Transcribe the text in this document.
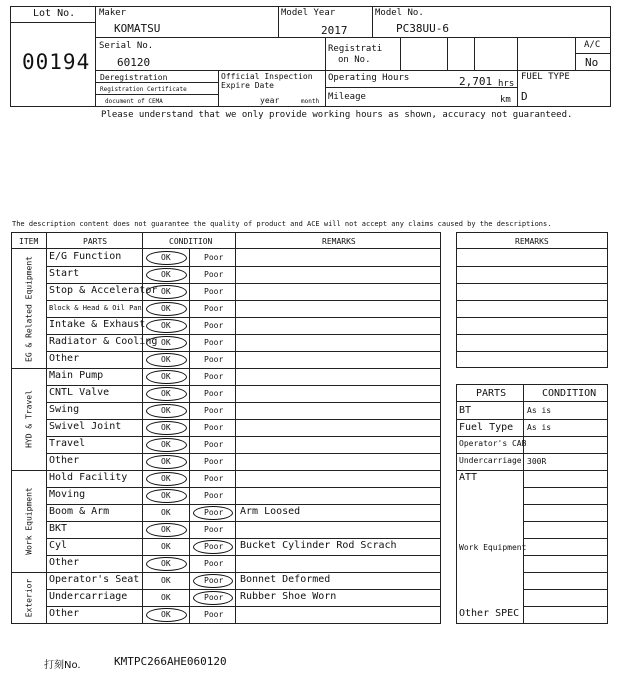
Lot No.
00194
Maker
KOMATSU
Model Year
2017
Model No.
PC38UU-6
Serial No.
60120
Registrati
on No.
A/C
No
Deregistration
Registration Certificate
document of CEMA
Official Inspection
Expire Date
year	month
Operating Hours	2,701 hrs
Mileage	km
FUEL TYPE
D
Please understand that we only provide working hours as shown, accuracy not guaranteed.
The description content does not guarantee the quality of product and ACE will not accept any claims caused by the descriptions.
ITEM	PARTS	CONDITION	REMARKS	REMARKS
E/G Function	OK	Poor
Start	OK	Poor
Stop & Accelerator OK	Poor
Block & Head & Oil Pan OK	Poor
Intake & Exhaust OK	Poor
Radiator & Cooling OK	Poor
Other	OK	Poor
EG & Related Equipment
Main Pump	OK	Poor
CNTL Valve	OK	Poor
Swing	OK	Poor
Swivel Joint	OK	Poor
Travel	OK	Poor
Other	OK	Poor
HYD & Travel
Hold Facility	OK	Poor
Moving	OK	Poor
Boom & Arm	OK	Poor Arm Loosed
BKT	OK	Poor
Cyl	OK	Poor Bucket Cylinder Rod Scrach
Other	OK	Poor
Work Equipment
Operator's Seat	OK	Poor Bonnet Deformed
Undercarriage	OK	Poor Rubber Shoe Worn
Other	OK	Poor
Exterior
PARTS	CONDITION
BT	As is
Fuel Type As is
Operator's CAB
Undercarriage 300R
ATT
Work Equipment
Other SPEC
打刻No.	KMTPC266AHE060120
